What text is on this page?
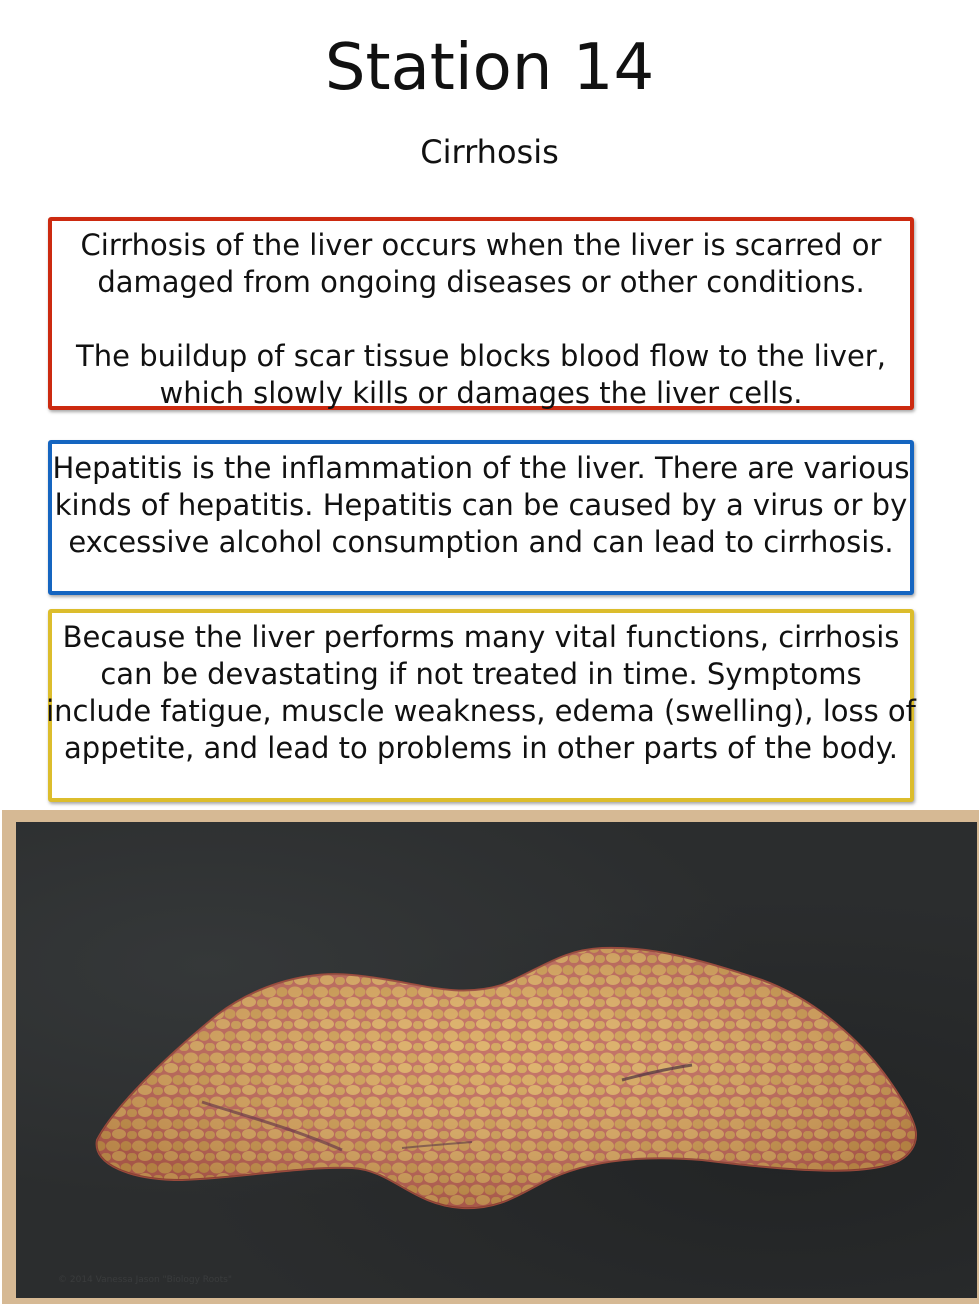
Station 14
Cirrhosis

Cirrhosis of the liver occurs when the liver is scarred or damaged from ongoing diseases or other conditions.

The buildup of scar tissue blocks blood flow to the liver, which slowly kills or damages the liver cells.

Hepatitis is the inflammation of the liver. There are various kinds of hepatitis. Hepatitis can be caused by a virus or by excessive alcohol consumption and can lead to cirrhosis.

Because the liver performs many vital functions, cirrhosis can be devastating if not treated in time. Symptoms include fatigue, muscle weakness, edema (swelling), loss of appetite, and lead to problems in other parts of the body.

© 2014 Vanessa Jason "Biology Roots"
